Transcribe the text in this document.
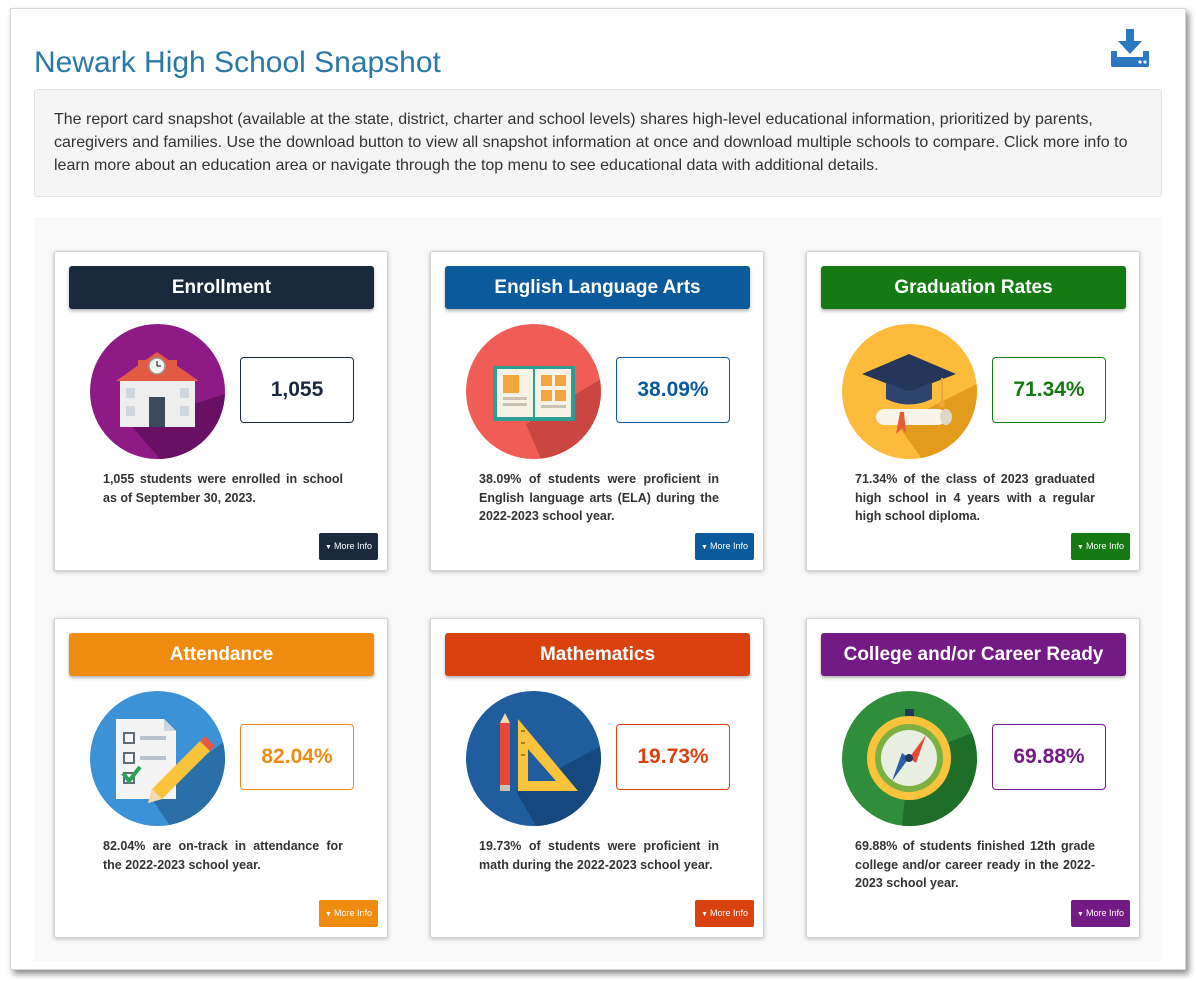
Newark High School Snapshot
The report card snapshot (available at the state, district, charter and school levels) shares high-level educational information, prioritized by parents, caregivers and families. Use the download button to view all snapshot information at once and download multiple schools to compare. Click more info to learn more about an education area or navigate through the top menu to see educational data with additional details.
Enrollment
1,055
1,055 students were enrolled in school as of September 30, 2023.
▼ More Info
English Language Arts
38.09%
38.09% of students were proficient in English language arts (ELA) during the 2022-2023 school year.
▼ More Info
Graduation Rates
71.34%
71.34% of the class of 2023 graduated high school in 4 years with a regular high school diploma.
▼ More Info
Attendance
82.04%
82.04% are on-track in attendance for the 2022-2023 school year.
▼ More Info
Mathematics
19.73%
19.73% of students were proficient in math during the 2022-2023 school year.
▼ More Info
College and/or Career Ready
69.88%
69.88% of students finished 12th grade college and/or career ready in the 2022-2023 school year.
▼ More Info
